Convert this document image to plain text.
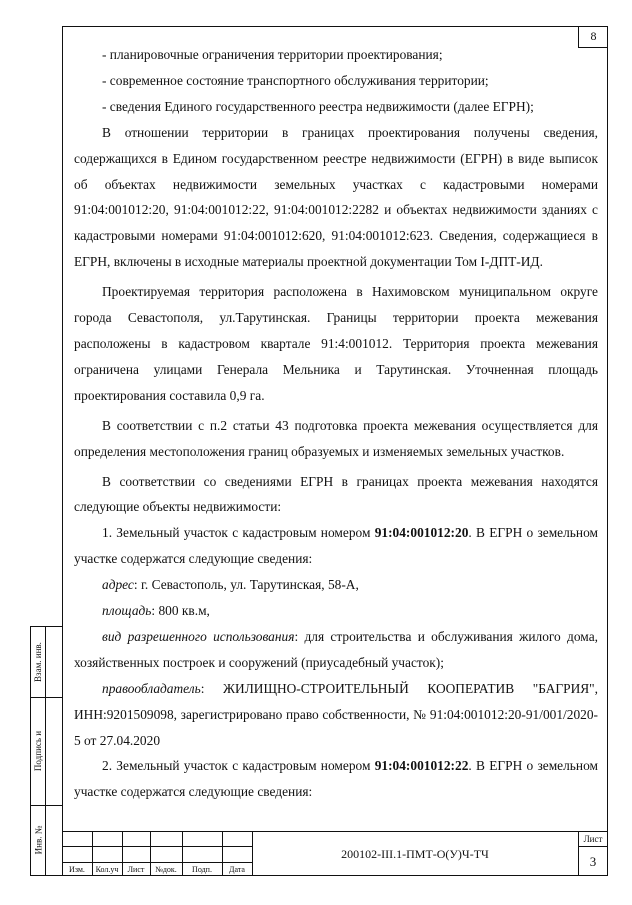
8

- планировочные ограничения территории проектирования;

- современное состояние транспортного обслуживания территории;

- сведения Единого государственного реестра недвижимости (далее ЕГРН);

В отношении территории в границах проектирования получены сведения, содержащихся в Едином государственном реестре недвижимости (ЕГРН) в виде выписок об объектах недвижимости земельных участках с кадастровыми номерами 91:04:001012:20, 91:04:001012:22, 91:04:001012:2282 и объектах недвижимости зданиях с кадастровыми номерами 91:04:001012:620, 91:04:001012:623. Сведения, содержащиеся в ЕГРН, включены в исходные материалы проектной документации Том I-ДПТ-ИД.

Проектируемая территория расположена в Нахимовском муниципальном округе города Севастополя, ул.Тарутинская. Границы территории проекта межевания расположены в кадастровом квартале 91:4:001012. Территория проекта межевания ограничена улицами Генерала Мельника и Тарутинская. Уточненная площадь проектирования составила 0,9 га.

В соответствии с п.2 статьи 43 подготовка проекта межевания осуществляется для определения местоположения границ образуемых и изменяемых земельных участков.

В соответствии со сведениями ЕГРН в границах проекта межевания находятся следующие объекты недвижимости:

1. Земельный участок с кадастровым номером 91:04:001012:20. В ЕГРН о земельном участке содержатся следующие сведения:

адрес: г. Севастополь, ул. Тарутинская, 58-А,

площадь: 800 кв.м,

вид разрешенного использования: для строительства и обслуживания жилого дома, хозяйственных построек и сооружений (приусадебный участок);

правообладатель: ЖИЛИЩНО-СТРОИТЕЛЬНЫЙ КООПЕРАТИВ "БАГРИЯ", ИНН:9201509098, зарегистрировано право собственности, № 91:04:001012:20-91/001/2020-5 от 27.04.2020

2. Земельный участок с кадастровым номером 91:04:001012:22. В ЕГРН о земельном участке содержатся следующие сведения:

Взам. инв.
Подпись и
Инв. №
Изм.	Кол.уч	Лист	№док.	Подп.	Дата
200102-III.1-ПМТ-О(У)Ч-ТЧ
Лист
3
